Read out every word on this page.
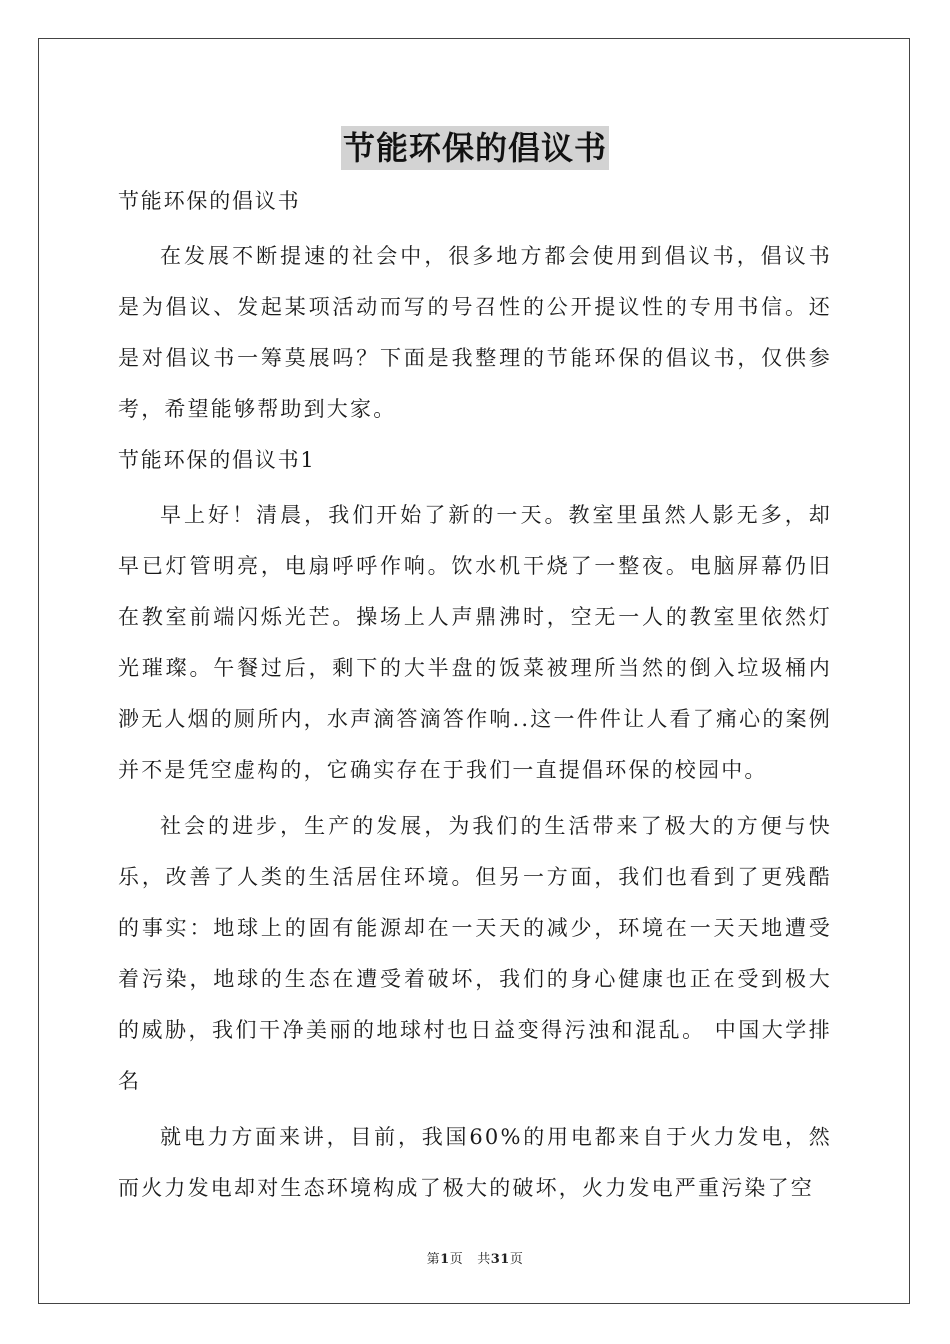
节能环保的倡议书

节能环保的倡议书

在发展不断提速的社会中，很多地方都会使用到倡议书，倡议书是为倡议、发起某项活动而写的号召性的公开提议性的专用书信。还是对倡议书一筹莫展吗？下面是我整理的节能环保的倡议书，仅供参考，希望能够帮助到大家。

节能环保的倡议书1

早上好！清晨，我们开始了新的一天。教室里虽然人影无多，却早已灯管明亮，电扇呼呼作响。饮水机干烧了一整夜。电脑屏幕仍旧在教室前端闪烁光芒。操场上人声鼎沸时，空无一人的教室里依然灯光璀璨。午餐过后，剩下的大半盘的饭菜被理所当然的倒入垃圾桶内渺无人烟的厕所内，水声滴答滴答作响..这一件件让人看了痛心的案例并不是凭空虚构的，它确实存在于我们一直提倡环保的校园中。

社会的进步，生产的发展，为我们的生活带来了极大的方便与快乐，改善了人类的生活居住环境。但另一方面，我们也看到了更残酷的事实：地球上的固有能源却在一天天的减少，环境在一天天地遭受着污染，地球的生态在遭受着破坏，我们的身心健康也正在受到极大的威胁，我们干净美丽的地球村也日益变得污浊和混乱。 中国大学排名

就电力方面来讲，目前，我国60%的用电都来自于火力发电，然而火力发电却对生态环境构成了极大的破坏，火力发电严重污染了空

第1页 共31页
